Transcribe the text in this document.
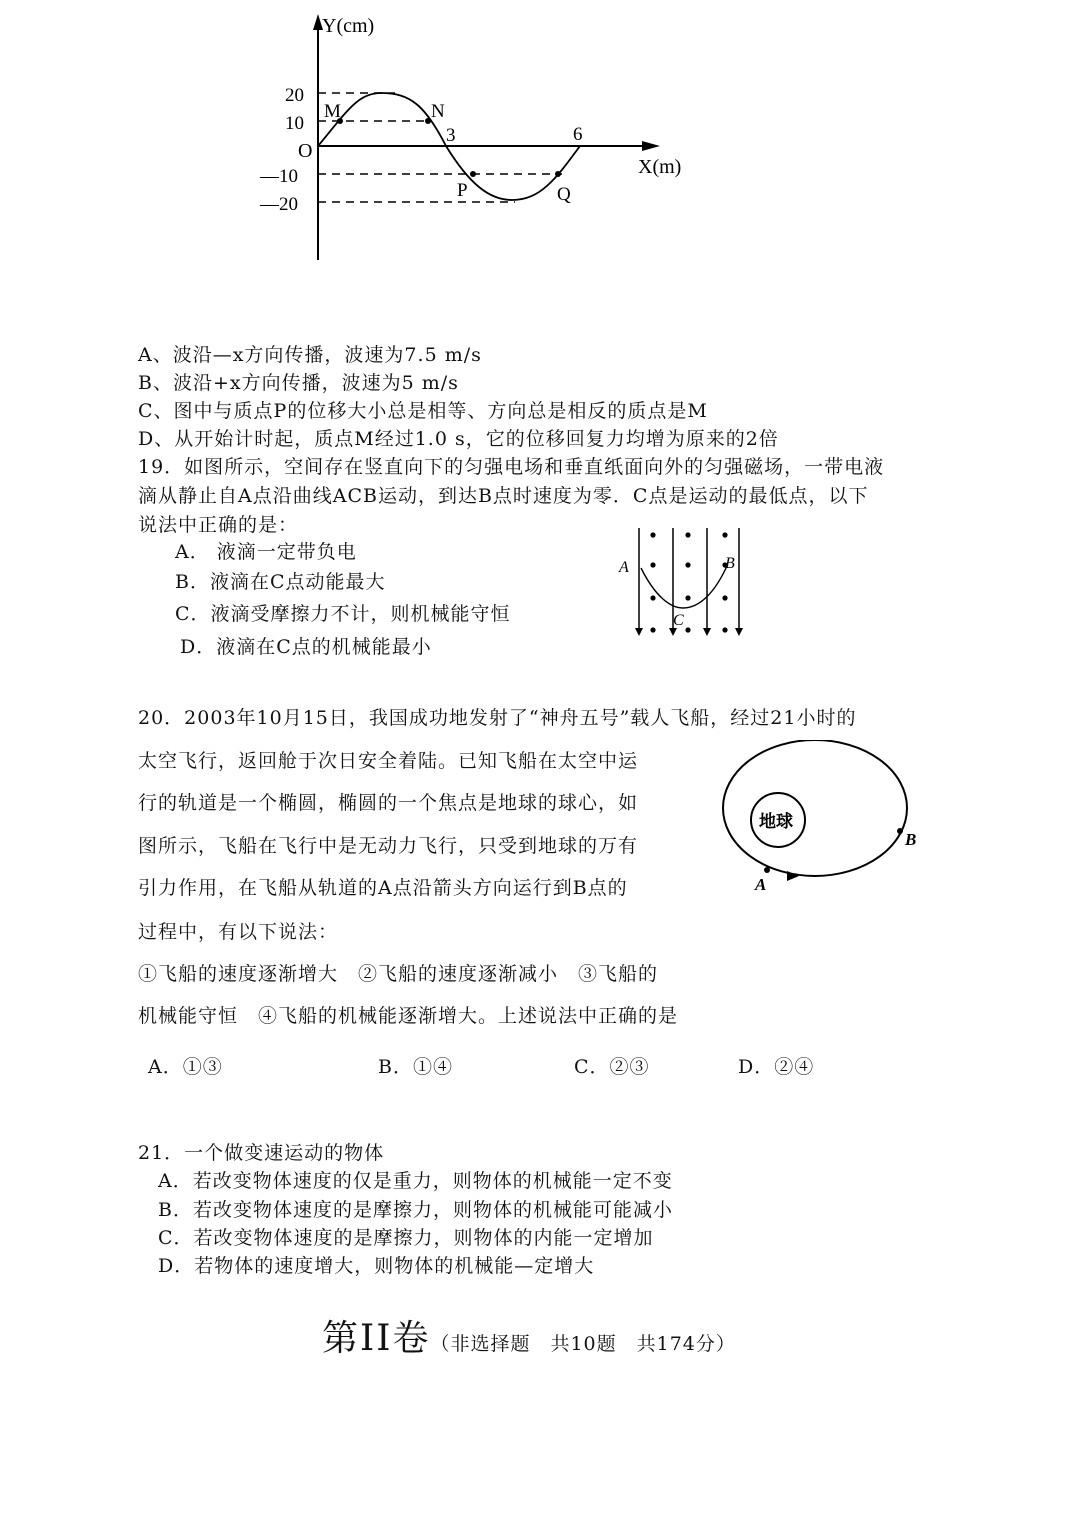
Y(cm)
X(m)
O
20
10
—10
—20
3	6
M	N
P	Q
A、波沿—x方向传播，波速为7.5 m/s
B、波沿+x方向传播，波速为5 m/s
C、图中与质点P的位移大小总是相等、方向总是相反的质点是M
D、从开始计时起，质点M经过1.0 s，它的位移回复力均增为原来的2倍
19．如图所示，空间存在竖直向下的匀强电场和垂直纸面向外的匀强磁场，一带电液
滴从静止自A点沿曲线ACB运动，到达B点时速度为零．C点是运动的最低点，以下
说法中正确的是：
A． 液滴一定带负电
B．液滴在C点动能最大
C．液滴受摩擦力不计，则机械能守恒
D．液滴在C点的机械能最小
A	B
C
20．2003年10月15日，我国成功地发射了“神舟五号”载人飞船，经过21小时的
太空飞行，返回舱于次日安全着陆。已知飞船在太空中运
行的轨道是一个椭圆，椭圆的一个焦点是地球的球心，如
图所示，飞船在飞行中是无动力飞行，只受到地球的万有
引力作用，在飞船从轨道的A点沿箭头方向运行到B点的
过程中，有以下说法：
①飞船的速度逐渐增大　②飞船的速度逐渐减小　③飞船的
机械能守恒　④飞船的机械能逐渐增大。上述说法中正确的是
A．①③	B．①④	C．②③	D．②④
地球
A
B
21．一个做变速运动的物体
A．若改变物体速度的仅是重力，则物体的机械能一定不变
B．若改变物体速度的是摩擦力，则物体的机械能可能减小
C．若改变物体速度的是摩擦力，则物体的内能一定增加
D．若物体的速度增大，则物体的机械能—定增大
第II卷（非选择题　共10题　共174分）
